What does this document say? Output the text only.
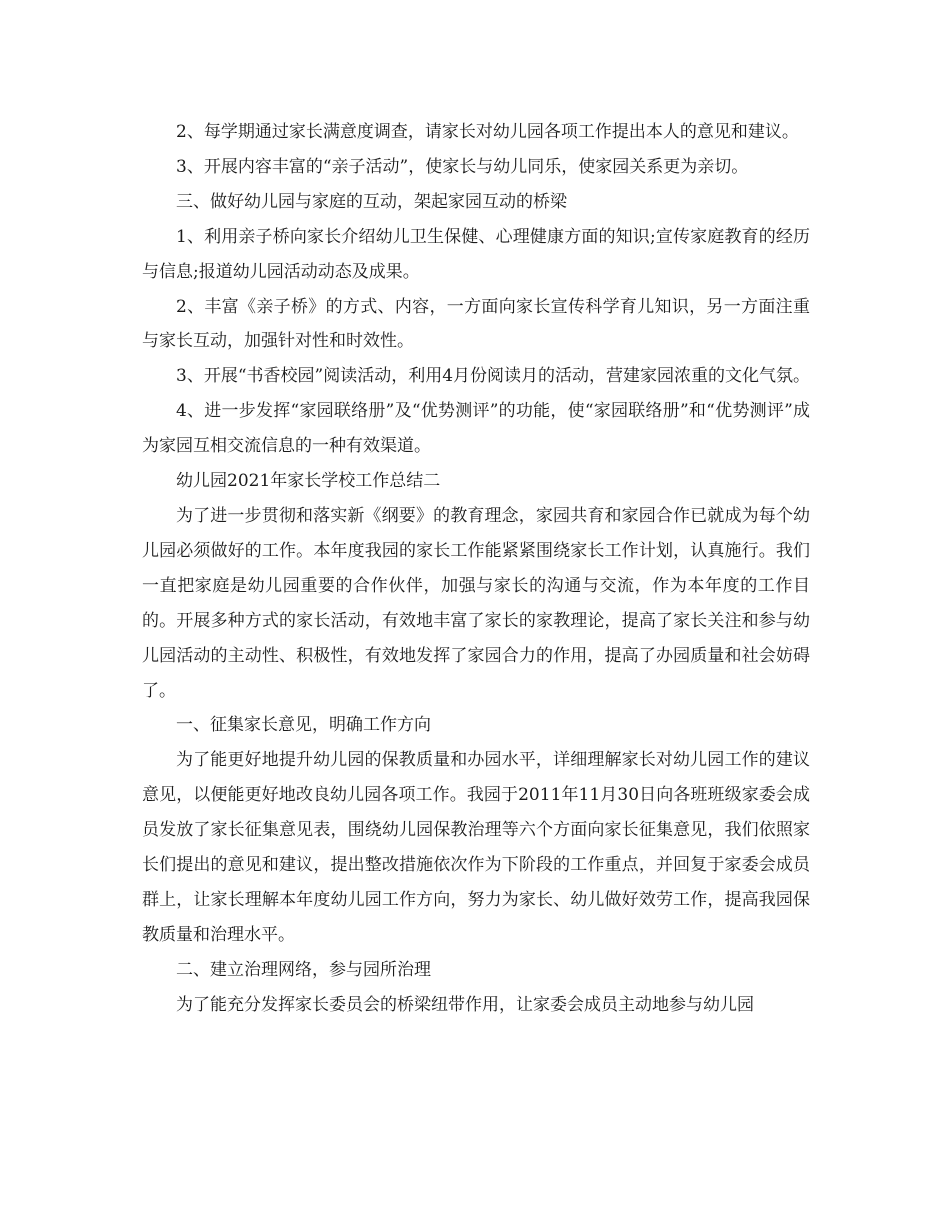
2、每学期通过家长满意度调查，请家长对幼儿园各项工作提出本人的意见和建议。

3、开展内容丰富的“亲子活动”，使家长与幼儿同乐，使家园关系更为亲切。

三、做好幼儿园与家庭的互动，架起家园互动的桥梁

1、利用亲子桥向家长介绍幼儿卫生保健、心理健康方面的知识;宣传家庭教育的经历与信息;报道幼儿园活动动态及成果。

2、丰富《亲子桥》的方式、内容，一方面向家长宣传科学育儿知识，另一方面注重与家长互动，加强针对性和时效性。

3、开展“书香校园”阅读活动，利用4月份阅读月的活动，营建家园浓重的文化气氛。

4、进一步发挥“家园联络册”及“优势测评”的功能，使“家园联络册”和“优势测评”成为家园互相交流信息的一种有效渠道。

幼儿园2021年家长学校工作总结二

为了进一步贯彻和落实新《纲要》的教育理念，家园共育和家园合作已就成为每个幼儿园必须做好的工作。本年度我园的家长工作能紧紧围绕家长工作计划，认真施行。我们一直把家庭是幼儿园重要的合作伙伴，加强与家长的沟通与交流，作为本年度的工作目的。开展多种方式的家长活动，有效地丰富了家长的家教理论，提高了家长关注和参与幼儿园活动的主动性、积极性，有效地发挥了家园合力的作用，提高了办园质量和社会妨碍了。

一、征集家长意见，明确工作方向

为了能更好地提升幼儿园的保教质量和办园水平，详细理解家长对幼儿园工作的建议意见，以便能更好地改良幼儿园各项工作。我园于2011年11月30日向各班班级家委会成员发放了家长征集意见表，围绕幼儿园保教治理等六个方面向家长征集意见，我们依照家长们提出的意见和建议，提出整改措施依次作为下阶段的工作重点，并回复于家委会成员群上，让家长理解本年度幼儿园工作方向，努力为家长、幼儿做好效劳工作，提高我园保教质量和治理水平。

二、建立治理网络，参与园所治理

为了能充分发挥家长委员会的桥梁纽带作用，让家委会成员主动地参与幼儿园
